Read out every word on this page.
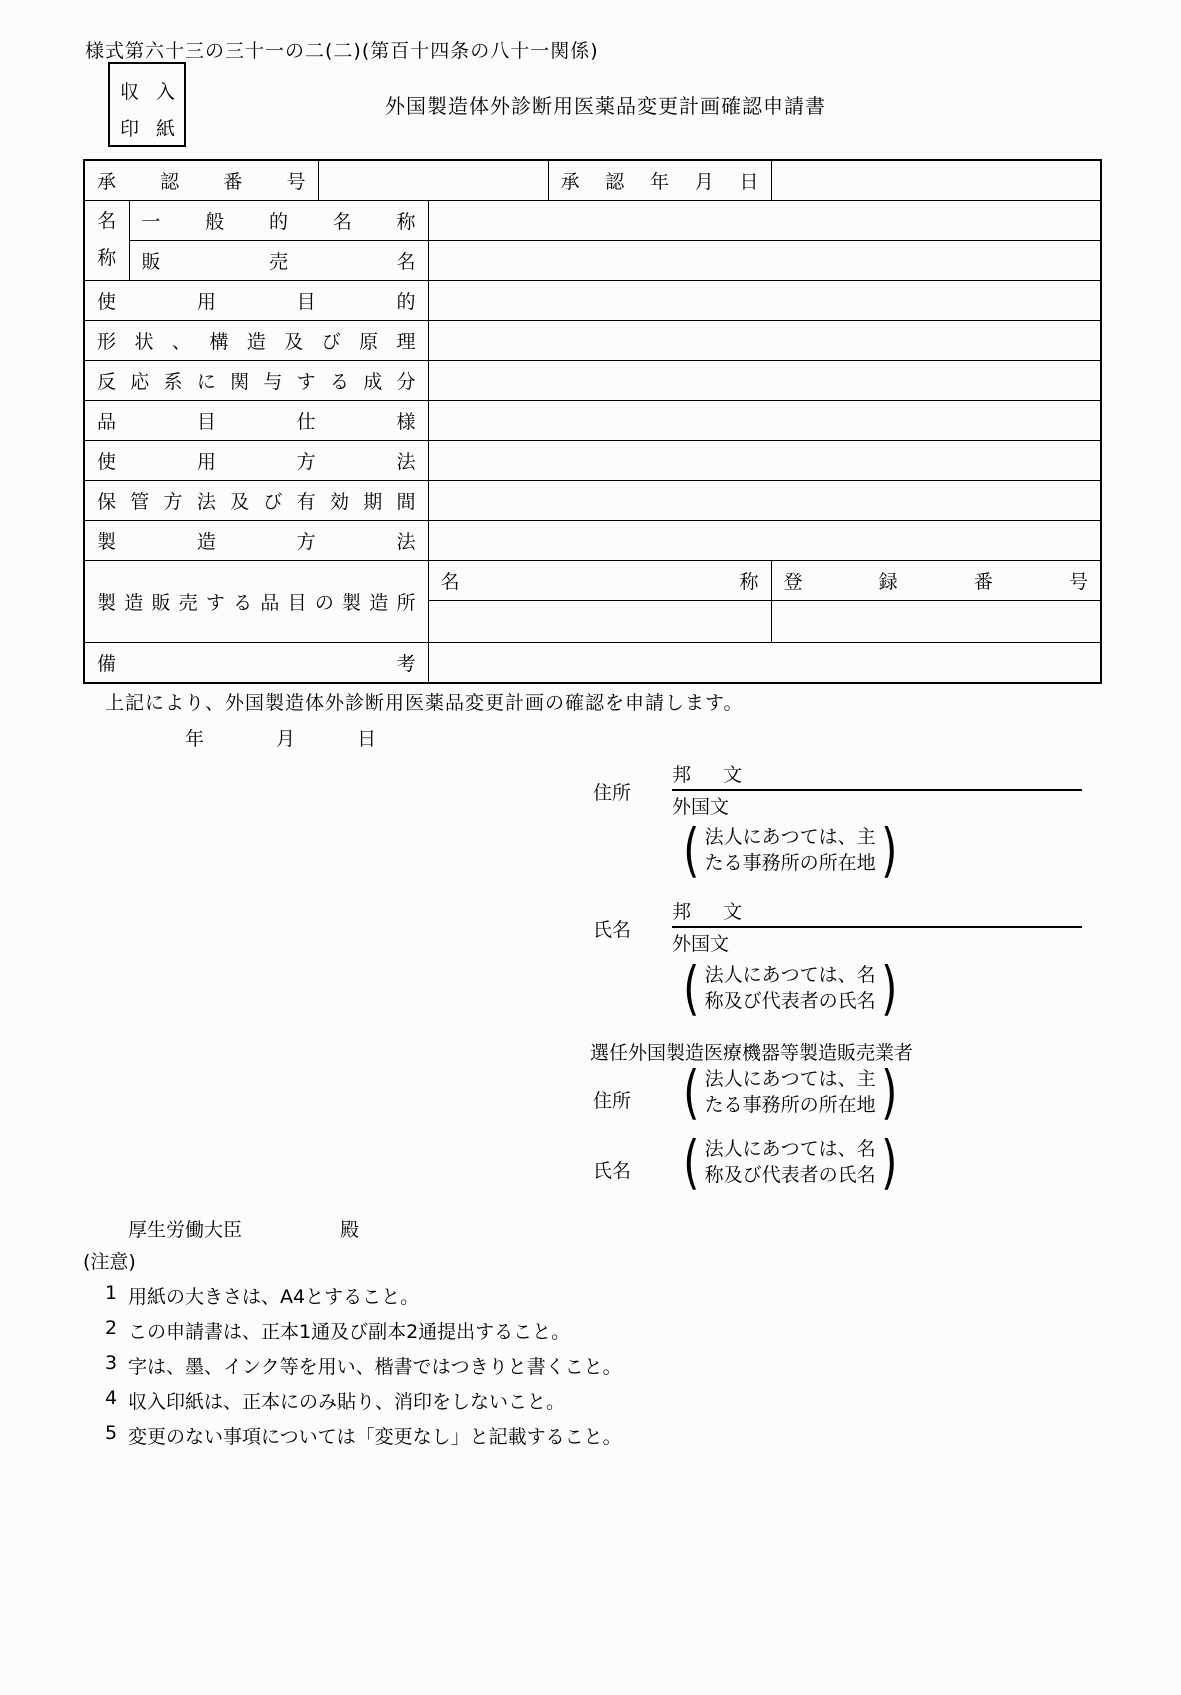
様式第六十三の三十一の二(二)(第百十四条の八十一関係)
収入
印紙
外国製造体外診断用医薬品変更計画確認申請書
承認番号				承認年月日	

名称	一般的名称				

	販売名				

使用目的					

形状、構造及び原理					

反応系に関与する成分					

品目仕様					

使用方法					

保管方法及び有効期間					

製造方法					

製造販売する品目の製造所			名称		登録番号

備考					

上記により、外国製造体外診断用医薬品変更計画の確認を申請します。
年	月	日
住所
邦文
外国文
( 法人にあつては、主
たる事務所の所在地 )
氏名
邦文
外国文
( 法人にあつては、名
称及び代表者の氏名 )
選任外国製造医療機器等製造販売業者
住所 ( 法人にあつては、主
たる事務所の所在地 )
氏名 ( 法人にあつては、名
称及び代表者の氏名 )
厚生労働大臣	殿
(注意)
1 用紙の大きさは、A4とすること。
2 この申請書は、正本1通及び副本2通提出すること。
3 字は、墨、インク等を用い、楷書ではつきりと書くこと。
4 収入印紙は、正本にのみ貼り、消印をしないこと。
5 変更のない事項については「変更なし」と記載すること。
